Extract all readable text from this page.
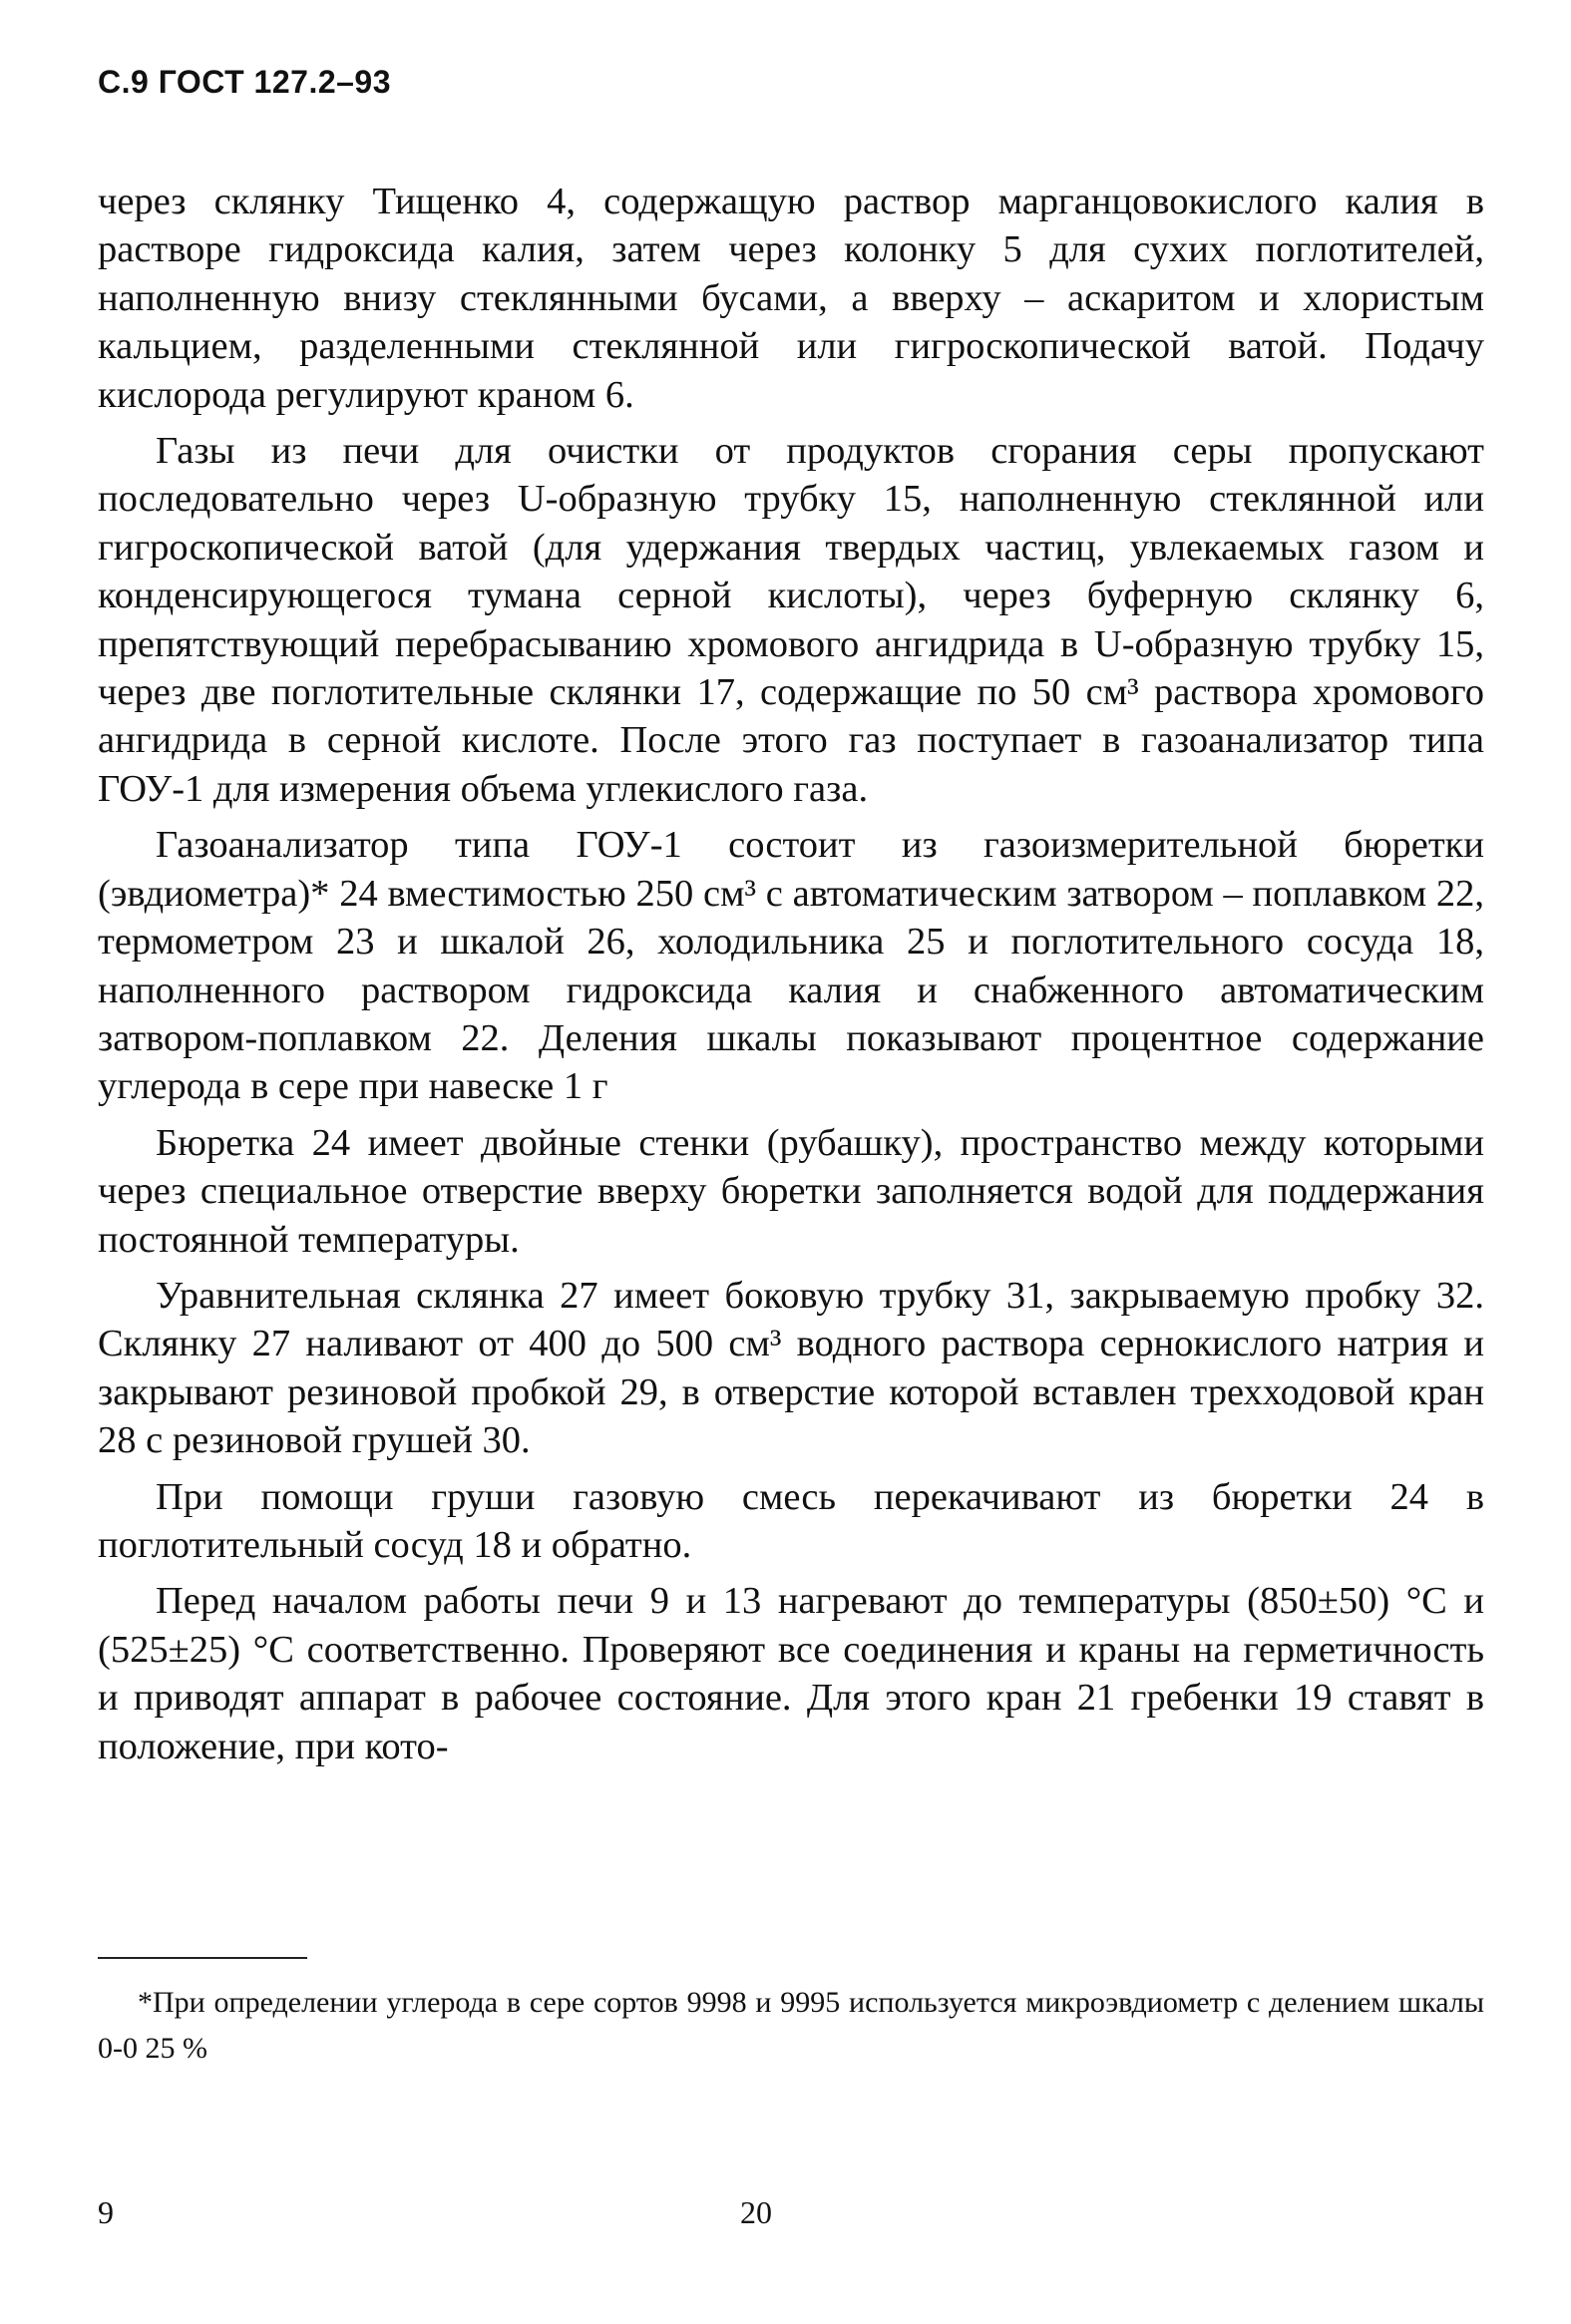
С.9 ГОСТ 127.2–93

через склянку Тищенко 4, содержащую раствор марганцовокислого калия в растворе гидроксида калия, затем через колонку 5 для сухих поглотителей, наполненную внизу стеклянными бусами, а вверху – аскаритом и хлористым кальцием, разделенными стеклянной или гигроскопической ватой. Подачу кислорода регулируют краном 6.

Газы из печи для очистки от продуктов сгорания серы пропускают последовательно через U-образную трубку 15, наполненную стеклянной или гигроскопической ватой (для удержания твердых частиц, увлекаемых газом и конденсирующегося тумана серной кислоты), через буферную склянку 6, препятствующий перебрасыванию хромового ангидрида в U-образную трубку 15, через две поглотительные склянки 17, содержащие по 50 см³ раствора хромового ангидрида в серной кислоте. После этого газ поступает в газоанализатор типа ГОУ-1 для измерения объема углекислого газа.

Газоанализатор типа ГОУ-1 состоит из газоизмерительной бюретки (эвдиометра)* 24 вместимостью 250 см³ с автоматическим затвором – поплавком 22, термометром 23 и шкалой 26, холодильника 25 и поглотительного сосуда 18, наполненного раствором гидроксида калия и снабженного автоматическим затвором-поплавком 22. Деления шкалы показывают процентное содержание углерода в сере при навеске 1 г

Бюретка 24 имеет двойные стенки (рубашку), пространство между которыми через специальное отверстие вверху бюретки заполняется водой для поддержания постоянной температуры.

Уравнительная склянка 27 имеет боковую трубку 31, закрываемую пробку 32. Склянку 27 наливают от 400 до 500 см³ водного раствора сернокислого натрия и закрывают резиновой пробкой 29, в отверстие которой вставлен трехходовой кран 28 с резиновой грушей 30.

При помощи груши газовую смесь перекачивают из бюретки 24 в поглотительный сосуд 18 и обратно.

Перед началом работы печи 9 и 13 нагревают до температуры (850±50) °С и (525±25) °С соответственно. Проверяют все соединения и краны на герметичность и приводят аппарат в рабочее состояние. Для этого кран 21 гребенки 19 ставят в положение, при кото-

*При определении углерода в сере сортов 9998 и 9995 используется микроэвдиометр с делением шкалы 0-0 25 %
9	20
